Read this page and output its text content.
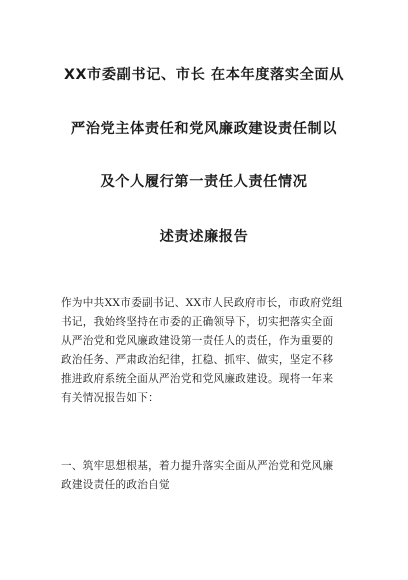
XX市委副书记、市长 在本年度落实全面从
严治党主体责任和党风廉政建设责任制以
及个人履行第一责任人责任情况
述责述廉报告
作为中共XX市委副书记、XX市人民政府市长，市政府党组
书记，我始终坚持在市委的正确领导下，切实把落实全面
从严治党和党风廉政建设第一责任人的责任，作为重要的
政治任务、严肃政治纪律，扛稳、抓牢、做实，坚定不移
推进政府系统全面从严治党和党风廉政建设。现将一年来
有关情况报告如下：
一、筑牢思想根基，着力提升落实全面从严治党和党风廉
政建设责任的政治自觉
